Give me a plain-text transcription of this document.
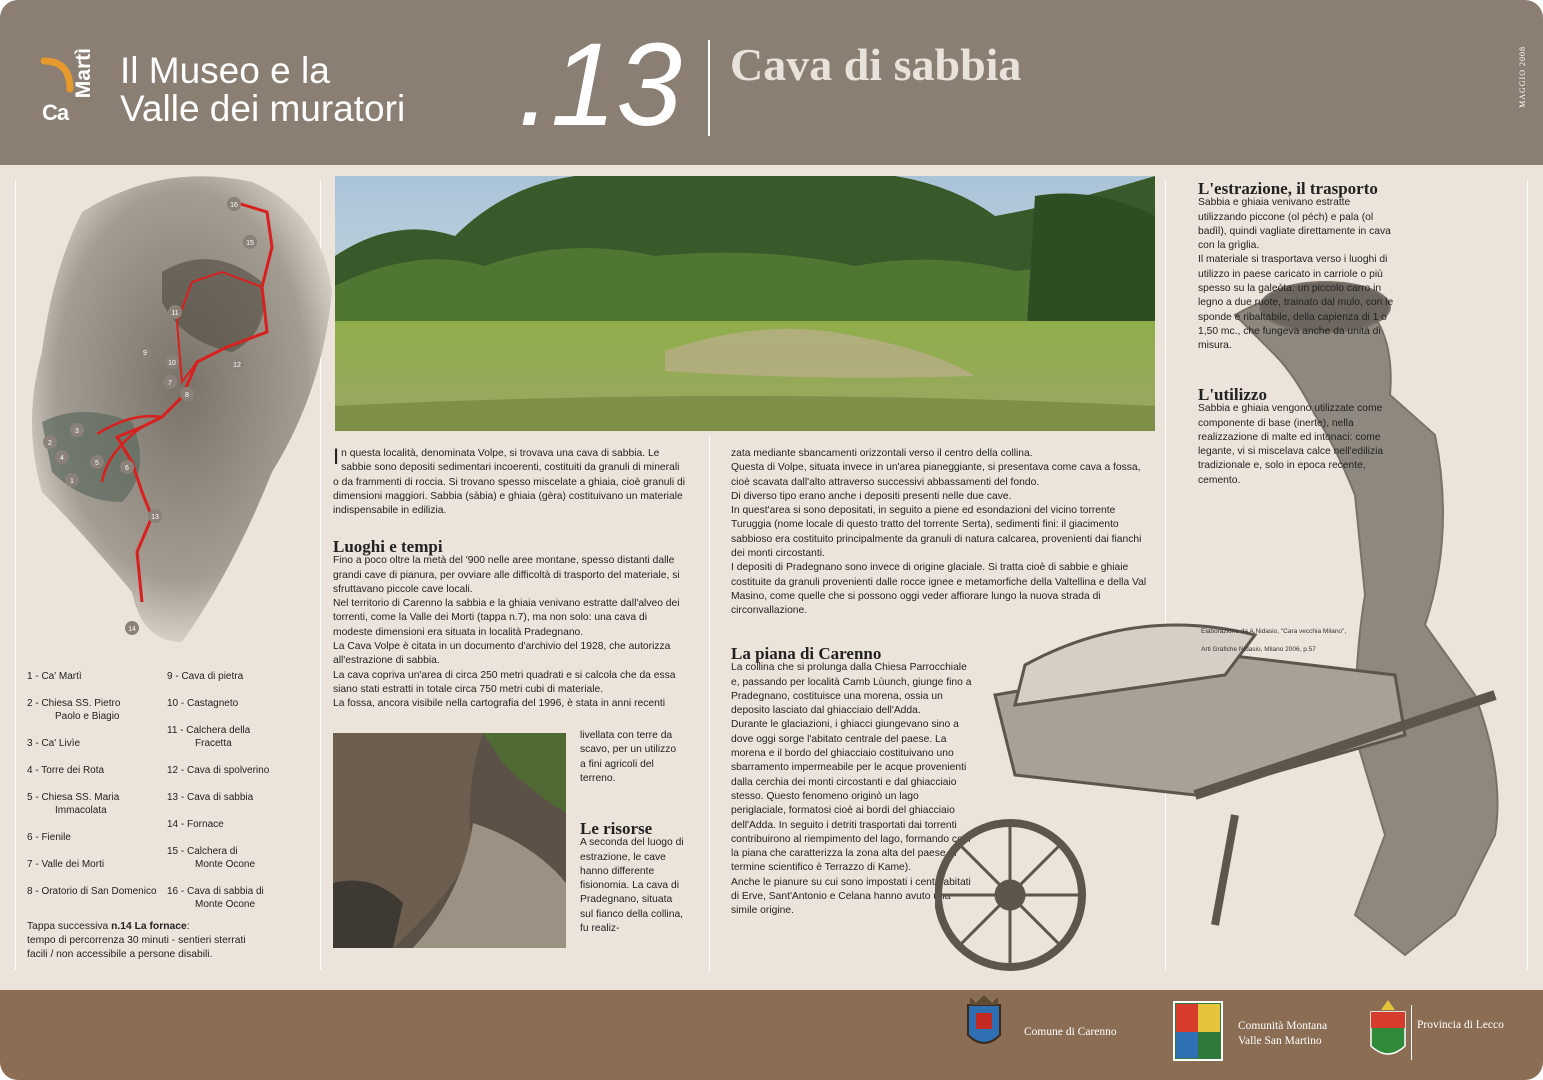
Ca
Martì Il Museo e la
Valle dei muratori .13 Cava di sabbia	MAGGIO 2008
16
15
11
9
10	12
7
8
3
4
5
1
2
6
13
14
1 - Ca' Martì
2 - Chiesa SS. Pietro
Paolo e Biagio
3 - Ca' Livìe
4 - Torre dei Rota
5 - Chiesa SS. Maria
Immacolata
6 - Fienile
7 - Valle dei Morti
8 - Oratorio di San Domenico
9 - Cava di pietra
10 - Castagneto
11 - Calchera della
Fracetta
12 - Cava di spolverino
13 - Cava di sabbia
14 - Fornace
15 - Calchera di
Monte Ocone
16 - Cava di sabbia di
Monte Ocone
Tappa successiva n.14 La fornace:
tempo di percorrenza 30 minuti - sentieri sterrati
facili / non accessibile a persone disabili.
In questa località, denominata Volpe, si trovava una cava di sabbia. Le sabbie sono depositi sedimentari incoerenti, costituiti da granuli di minerali o da frammenti di roccia. Si trovano spesso miscelate a ghiaia, cioè granuli di dimensioni maggiori. Sabbia (sàbia) e ghiaia (gèra) costituivano un materiale indispensabile in edilizia.
Luoghi e tempi

Fino a poco oltre la metà del '900 nelle aree montane, spesso distanti dalle grandi cave di pianura, per ovviare alle difficoltà di trasporto del materiale, si sfruttavano piccole cave locali.

Nel territorio di Carenno la sabbia e la ghiaia venivano estratte dall'alveo dei torrenti, come la Valle dei Morti (tappa n.7), ma non solo: una cava di modeste dimensioni era situata in località Pradegnano.

La Cava Volpe è citata in un documento d'archivio del 1928, che autorizza all'estrazione di sabbia.

La cava copriva un'area di circa 250 metri quadrati e si calcola che da essa siano stati estratti in totale circa 750 metri cubi di materiale.

La fossa, ancora visibile nella cartografia del 1996, è stata in anni recenti

livellata con terre da scavo, per un utilizzo a fini agricoli del terreno.
Le risorse

A seconda del luogo di estrazione, le cave hanno differente fisionomia. La cava di Pradegnano, situata sul fianco della collina, fu realiz-

zata mediante sbancamenti orizzontali verso il centro della collina.

Questa di Volpe, situata invece in un'area pianeggiante, si presentava come cava a fossa, cioè scavata dall'alto attraverso successivi abbassamenti del fondo.

Di diverso tipo erano anche i depositi presenti nelle due cave.

In quest'area si sono depositati, in seguito a piene ed esondazioni del vicino torrente Turuggia (nome locale di questo tratto del torrente Serta), sedimenti fini: il giacimento sabbioso era costituito principalmente da granuli di natura calcarea, provenienti dai fianchi dei monti circostanti.

I depositi di Pradegnano sono invece di origine glaciale. Si tratta cioè di sabbie e ghiaie costituite da granuli provenienti dalle rocce ignee e metamorfiche della Valtellina e della Val Masino, come quelle che si possono oggi veder affiorare lungo la nuova strada di circonvallazione.

La piana di Carenno

La collina che si prolunga dalla Chiesa Parrocchiale e, passando per località Camb Lùunch, giunge fino a Pradegnano, costituisce una morena, ossia un deposito lasciato dal ghiacciaio dell'Adda.

Durante le glaciazioni, i ghiacci giungevano sino a dove oggi sorge l'abitato centrale del paese. La morena e il bordo del ghiacciaio costituivano uno sbarramento impermeabile per le acque provenienti dalla cerchia dei monti circostanti e dal ghiacciaio stesso. Questo fenomeno originò un lago periglaciale, formatosi cioè ai bordi del ghiacciaio dell'Adda. In seguito i detriti trasportati dai torrenti contribuirono al riempimento del lago, formando così la piana che caratterizza la zona alta del paese (il termine scientifico è Terrazzo di Kame).

Anche le pianure su cui sono impostati i centri abitati di Erve, Sant'Antonio e Celana hanno avuto una simile origine.

L'estrazione, il trasporto

Sabbia e ghiaia venivano estratte utilizzando piccone (ol péch) e pala (ol badìl), quindi vagliate direttamente in cava con la grìglia.

Il materiale si trasportava verso i luoghi di utilizzo in paese caricato in carriole o più spesso su la galeòta: un piccolo carro in legno a due ruote, trainato dal mulo, con le sponde e ribaltabile, della capienza di 1 o 1,50 mc., che fungeva anche da unità di misura.

L'utilizzo

Sabbia e ghiaia vengono utilizzate come componente di base (inerte), nella realizzazione di malte ed intonaci: come legante, vi si miscelava calce nell'edilizia tradizionale e, solo in epoca recente, cemento.

Elaborazione da A.Nidasio, "Cara vecchia Milano",
Arti Grafiche Nidasio, Milano 2006, p.57
Comune di Carenno	Comunità Montana
Valle San Martino
Provincia di Lecco
